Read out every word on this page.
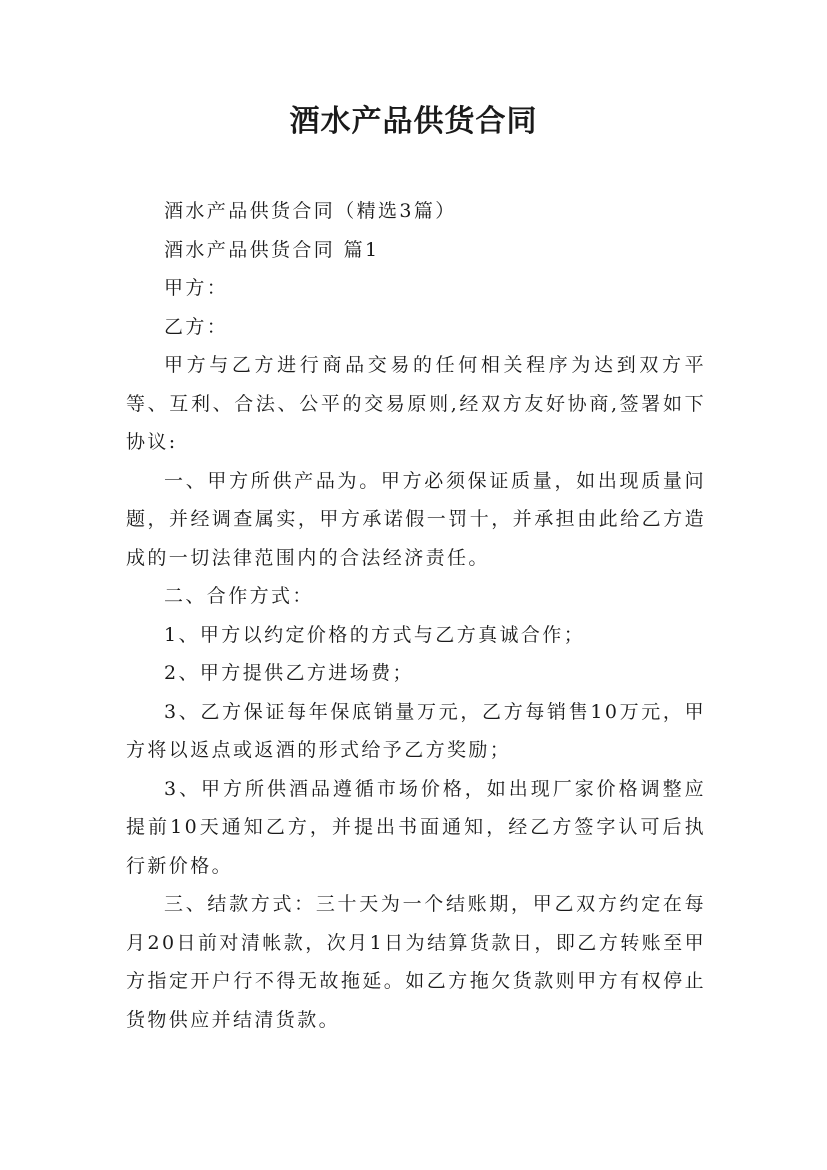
酒水产品供货合同

酒水产品供货合同（精选3篇）

酒水产品供货合同 篇1

甲方：

乙方：

甲方与乙方进行商品交易的任何相关程序为达到双方平等、互利、合法、公平的交易原则,经双方友好协商,签署如下协议:

一、甲方所供产品为。甲方必须保证质量，如出现质量问题，并经调查属实，甲方承诺假一罚十，并承担由此给乙方造成的一切法律范围内的合法经济责任。

二、合作方式：

1、甲方以约定价格的方式与乙方真诚合作；

2、甲方提供乙方进场费；

3、乙方保证每年保底销量万元，乙方每销售10万元，甲方将以返点或返酒的形式给予乙方奖励；

3、甲方所供酒品遵循市场价格，如出现厂家价格调整应提前10天通知乙方，并提出书面通知，经乙方签字认可后执行新价格。

三、结款方式：三十天为一个结账期，甲乙双方约定在每月20日前对清帐款，次月1日为结算货款日，即乙方转账至甲方指定开户行不得无故拖延。如乙方拖欠货款则甲方有权停止货物供应并结清货款。
